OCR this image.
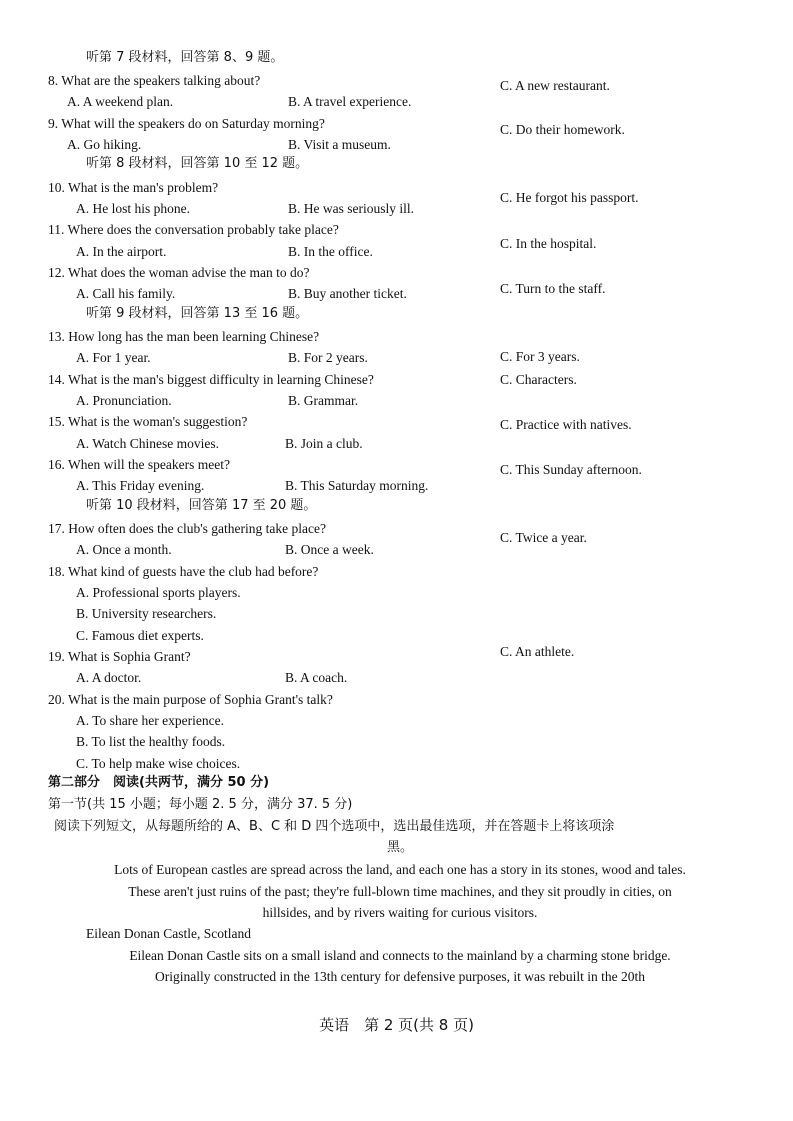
听第 7 段材料，回答第 8、9 题。
8. What are the speakers talking about?	C. A new restaurant.
A. A weekend plan.	B. A travel experience.
9. What will the speakers do on Saturday morning?	C. Do their homework.
A. Go hiking.	B. Visit a museum.
听第 8 段材料，回答第 10 至 12 题。
10. What is the man's problem?
C. He forgot his passport.
A. He lost his phone.	B. He was seriously ill.
11. Where does the conversation probably take place?
C. In the hospital.
A. In the airport.	B. In the office.
12. What does the woman advise the man to do?
C. Turn to the staff.
A. Call his family.	B. Buy another ticket.
听第 9 段材料，回答第 13 至 16 题。
13. How long has the man been learning Chinese?
A. For 1 year.	B. For 2 years.	C. For 3 years.
14. What is the man's biggest difficulty in learning Chinese?	C. Characters.
A. Pronunciation.	B. Grammar.
15. What is the woman's suggestion?	C. Practice with natives.
A. Watch Chinese movies.	B. Join a club.
16. When will the speakers meet?	C. This Sunday afternoon.
A. This Friday evening.	B. This Saturday morning.
听第 10 段材料，回答第 17 至 20 题。
17. How often does the club's gathering take place?
C. Twice a year.
A. Once a month.	B. Once a week.
18. What kind of guests have the club had before?
A. Professional sports players.
B. University researchers.
C. Famous diet experts.
19. What is Sophia Grant?	C. An athlete.
A. A doctor.	B. A coach.
20. What is the main purpose of Sophia Grant's talk?
A. To share her experience.
B. To list the healthy foods.
C. To help make wise choices.
第二部分　阅读(共两节，满分 50 分)
第一节(共 15 小题；每小题 2. 5 分，满分 37. 5 分)
阅读下列短文，从每题所给的 A、B、C 和 D 四个选项中，选出最佳选项，并在答题卡上将该项涂
黑。
Lots of European castles are spread across the land, and each one has a story in its stones, wood and tales.
These aren't just ruins of the past; they're full-blown time machines, and they sit proudly in cities, on
hillsides, and by rivers waiting for curious visitors.
Eilean Donan Castle, Scotland
Eilean Donan Castle sits on a small island and connects to the mainland by a charming stone bridge.
Originally constructed in the 13th century for defensive purposes, it was rebuilt in the 20th
英语　第 2 页(共 8 页)
